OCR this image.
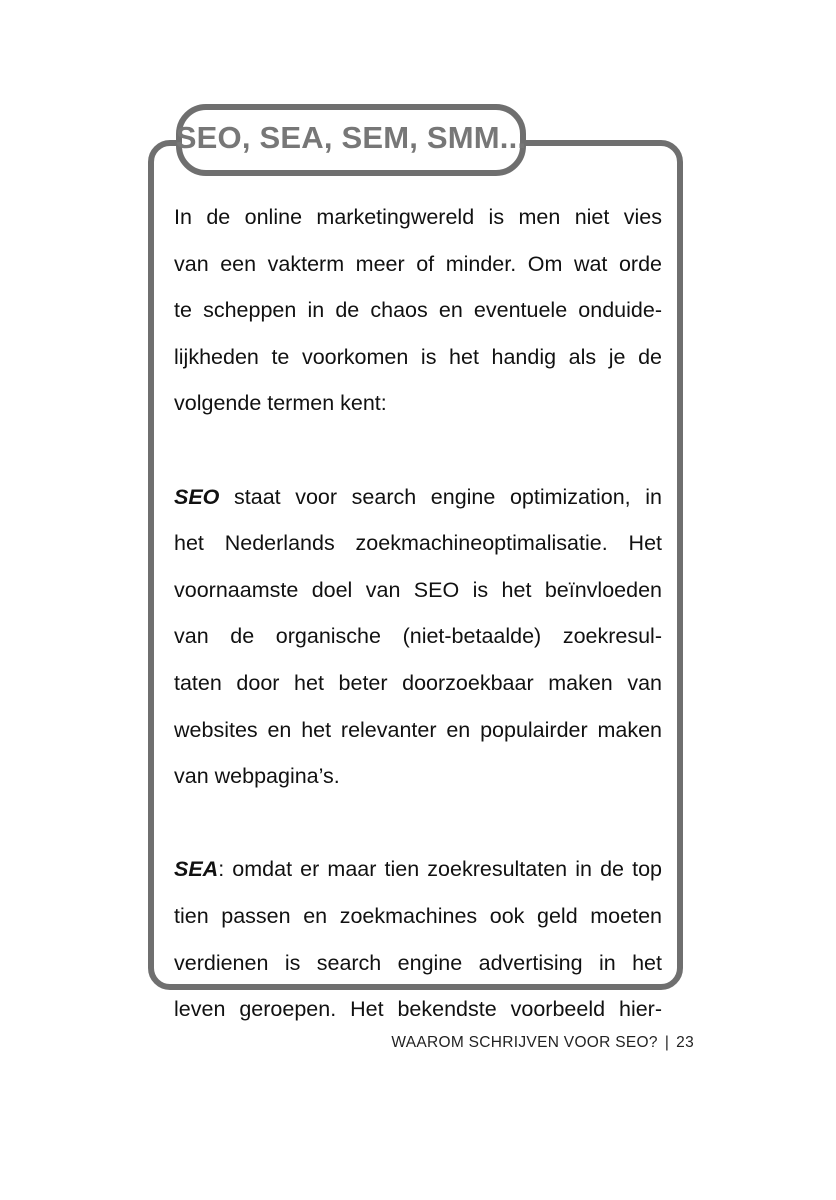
SEO, SEA, SEM, SMM...
In de online marketingwereld is men niet vies
van een vakterm meer of minder. Om wat orde
te scheppen in de chaos en eventuele onduide-
lijkheden te voorkomen is het handig als je de
volgende termen kent:
SEO staat voor search engine optimization, in
het Nederlands zoekmachineoptimalisatie. Het
voornaamste doel van SEO is het beïnvloeden
van de organische (niet-betaalde) zoekresul-
taten door het beter doorzoekbaar maken van
websites en het relevanter en populairder maken
van webpagina’s.
SEA: omdat er maar tien zoekresultaten in de top
tien passen en zoekmachines ook geld moeten
verdienen is search engine advertising in het
leven geroepen. Het bekendste voorbeeld hier-
WAAROM SCHRIJVEN VOOR SEO? | 23
